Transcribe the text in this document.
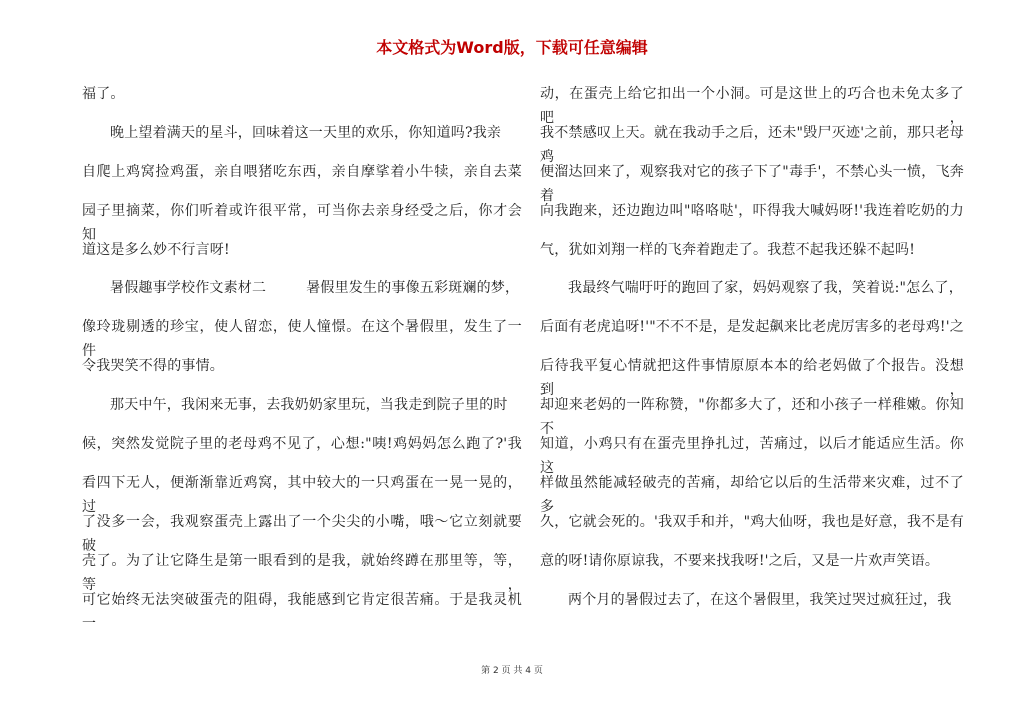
本文格式为Word版，下载可任意编辑
福了。
晚上望着满天的星斗，回味着这一天里的欢乐，你知道吗?我亲
自爬上鸡窝捡鸡蛋，亲自喂猪吃东西，亲自摩挲着小牛犊，亲自去菜
园子里摘菜，你们听着或许很平常，可当你去亲身经受之后，你才会知
道这是多么妙不行言呀!
暑假趣事学校作文素材二	暑假里发生的事像五彩斑斓的梦，
像玲珑剔透的珍宝，使人留恋，使人憧憬。在这个暑假里，发生了一件
令我哭笑不得的事情。
那天中午，我闲来无事，去我奶奶家里玩，当我走到院子里的时
候，突然发觉院子里的老母鸡不见了，心想:"咦!鸡妈妈怎么跑了?'我
看四下无人，便渐渐靠近鸡窝，其中较大的一只鸡蛋在一晃一晃的，过
了没多一会，我观察蛋壳上露出了一个尖尖的小嘴，哦～它立刻就要破
壳了。为了让它降生是第一眼看到的是我，就始终蹲在那里等，等，等，
可它始终无法突破蛋壳的阻碍，我能感到它肯定很苦痛。于是我灵机一
动，在蛋壳上给它扣出一个小洞。可是这世上的巧合也未免太多了吧，
我不禁感叹上天。就在我动手之后，还未"毁尸灭迹'之前，那只老母鸡
便溜达回来了，观察我对它的孩子下了"毒手'，不禁心头一愤，飞奔着
向我跑来，还边跑边叫"咯咯哒'，吓得我大喊妈呀!'我连着吃奶的力
气，犹如刘翔一样的飞奔着跑走了。我惹不起我还躲不起吗!
我最终气喘吁吁的跑回了家，妈妈观察了我，笑着说:"怎么了，
后面有老虎追呀!'"不不不是，是发起飙来比老虎厉害多的老母鸡!'之
后待我平复心情就把这件事情原原本本的给老妈做了个报告。没想到，
却迎来老妈的一阵称赞，"你都多大了，还和小孩子一样稚嫩。你知不
知道，小鸡只有在蛋壳里挣扎过，苦痛过，以后才能适应生活。你这
样做虽然能减轻破壳的苦痛，却给它以后的生活带来灾难，过不了多
久，它就会死的。'我双手和并，"鸡大仙呀，我也是好意，我不是有
意的呀!请你原谅我，不要来找我呀!'之后，又是一片欢声笑语。
两个月的暑假过去了，在这个暑假里，我笑过哭过疯狂过，我
第 2 页 共 4 页
